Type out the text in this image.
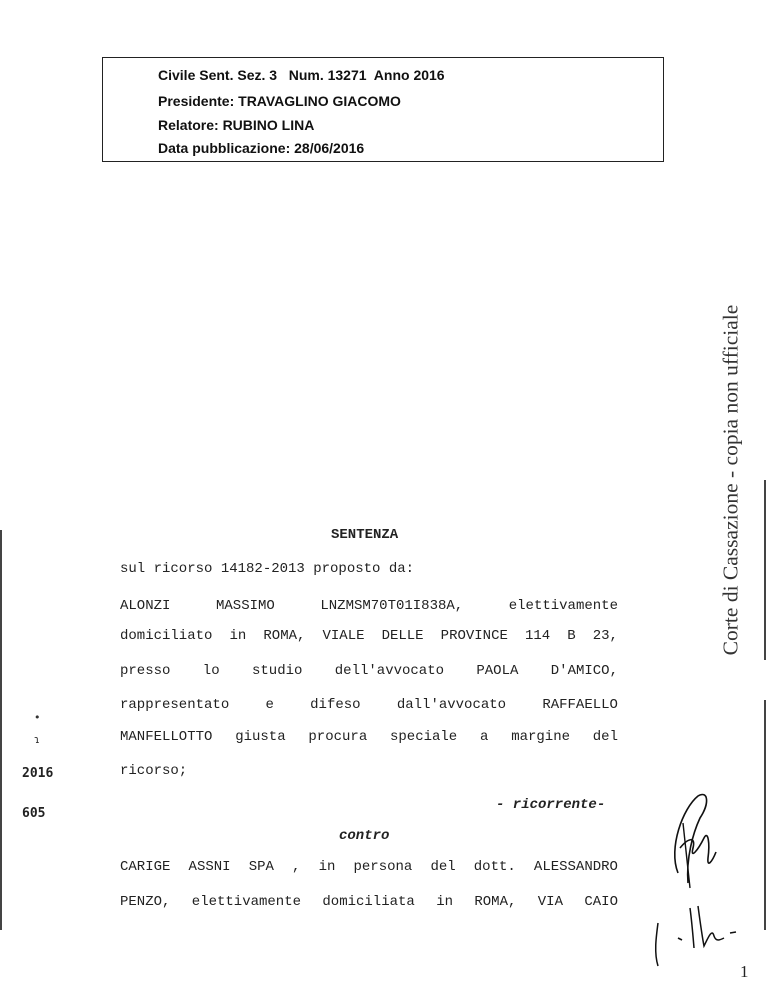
Civile Sent. Sez. 3   Num. 13271  Anno 2016
Presidente: TRAVAGLINO GIACOMO
Relatore: RUBINO LINA
Data pubblicazione: 28/06/2016
Corte di Cassazione - copia non ufficiale
SENTENZA
sul ricorso 14182-2013 proposto da:
ALONZI	MASSIMO	LNZMSM70T01I838A,	elettivamente
domiciliato in ROMA, VIALE DELLE PROVINCE 114 B 23,
presso lo studio dell'avvocato PAOLA D'AMICO,
rappresentato	e	difeso	dall'avvocato	RAFFAELLO
MANFELLOTTO giusta procura speciale a margine del
ricorso;
- ricorrente-
contro
CARIGE ASSNI SPA , in persona del dott. ALESSANDRO
PENZO, elettivamente domiciliata in ROMA, VIA CAIO
•
ɿ
2016
605
1
